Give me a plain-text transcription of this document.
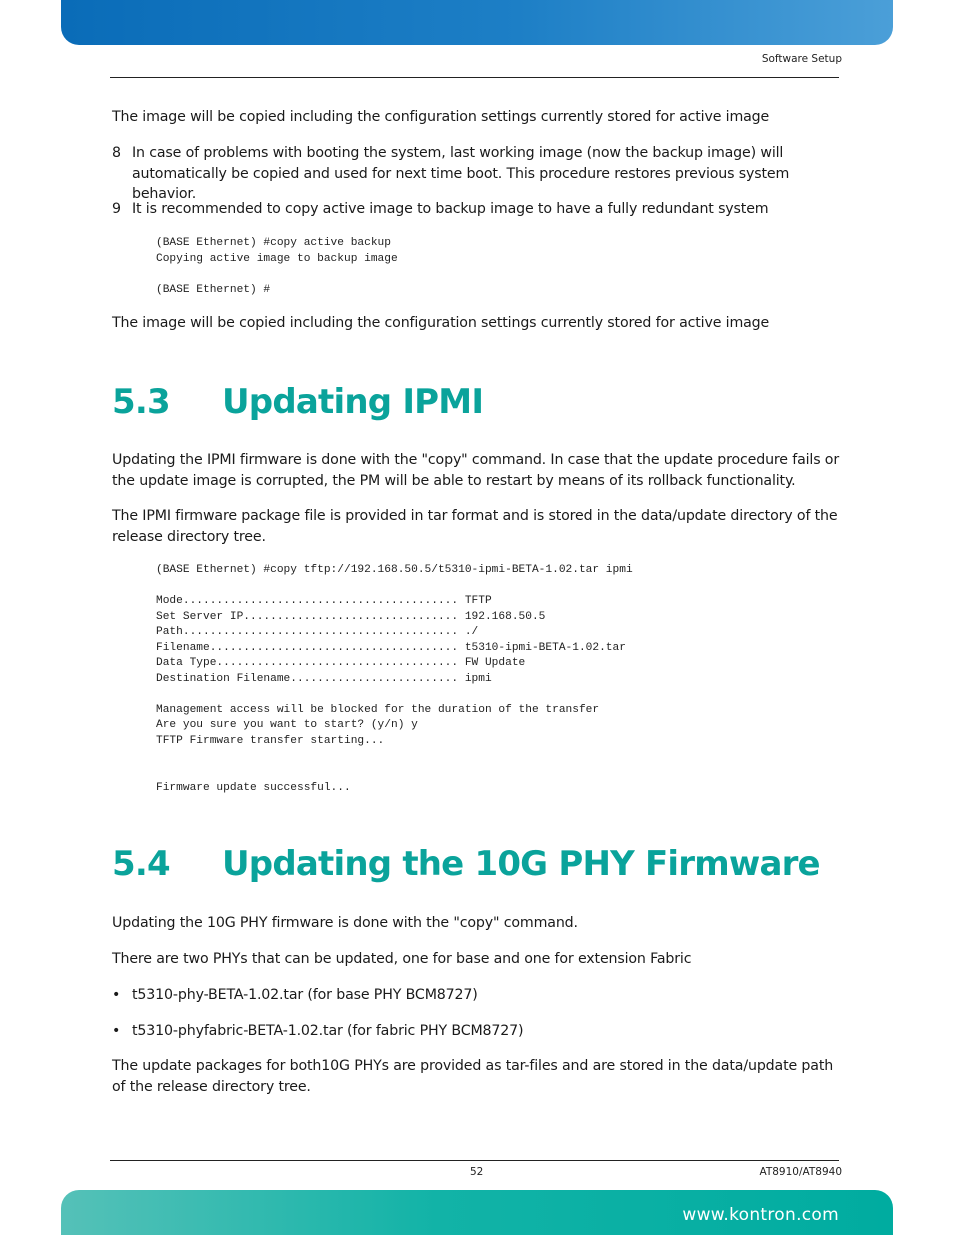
Software Setup
The image will be copied including the configuration settings currently stored for active image
8 In case of problems with booting the system, last working image (now the backup image) will automatically be copied and used for next time boot. This procedure restores previous system behavior.
9 It is recommended to copy active image to backup image to have a fully redundant system
(BASE Ethernet) #copy active backup
Copying active image to backup image

(BASE Ethernet) #
The image will be copied including the configuration settings currently stored for active image
5.3 Updating IPMI
Updating the IPMI firmware is done with the "copy" command. In case that the update procedure fails or the update image is corrupted, the PM will be able to restart by means of its rollback functionality.
The IPMI firmware package file is provided in tar format and is stored in the data/update directory of the release directory tree.
(BASE Ethernet) #copy tftp://192.168.50.5/t5310-ipmi-BETA-1.02.tar ipmi

Mode......................................... TFTP
Set Server IP................................ 192.168.50.5
Path......................................... ./
Filename..................................... t5310-ipmi-BETA-1.02.tar
Data Type.................................... FW Update
Destination Filename......................... ipmi

Management access will be blocked for the duration of the transfer
Are you sure you want to start? (y/n) y
TFTP Firmware transfer starting...
Firmware update successful...
5.4 Updating the 10G PHY Firmware
Updating the 10G PHY firmware is done with the "copy" command.
There are two PHYs that can be updated, one for base and one for extension Fabric
• t5310-phy-BETA-1.02.tar (for base PHY BCM8727)
• t5310-phyfabric-BETA-1.02.tar (for fabric PHY BCM8727)
The update packages for both10G PHYs are provided as tar-files and are stored in the data/update path of the release directory tree.
52	AT8910/AT8940
www.kontron.com
